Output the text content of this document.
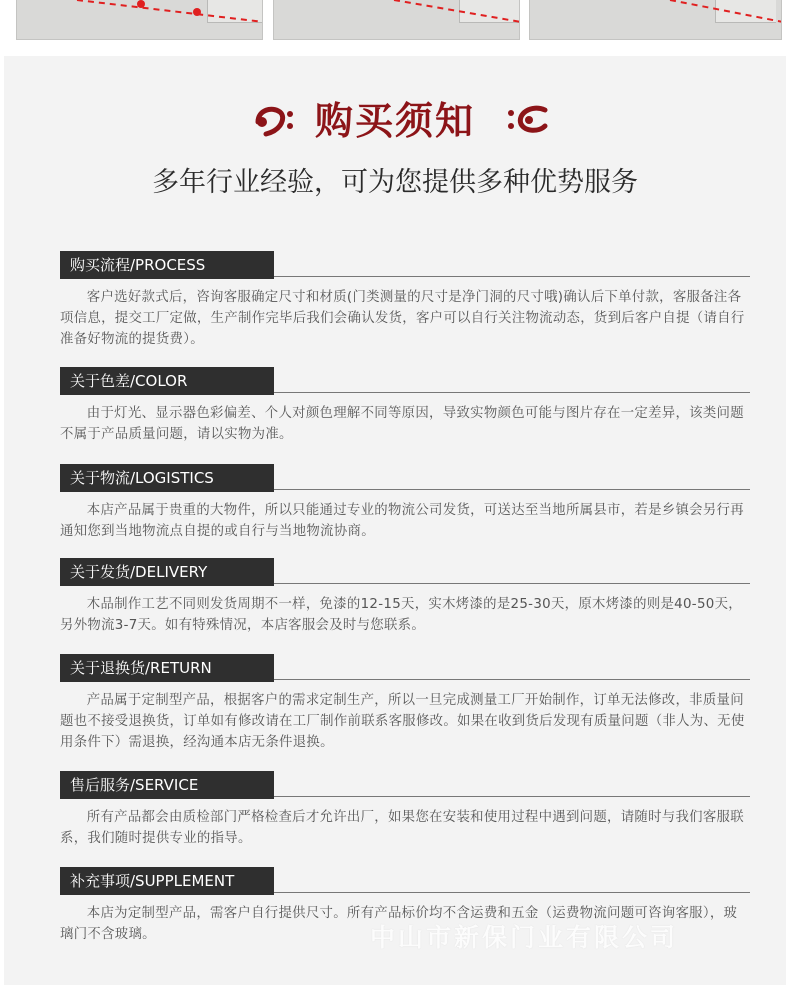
购买须知
多年行业经验，可为您提供多种优势服务
购买流程/PROCESS
客户选好款式后，咨询客服确定尺寸和材质(门类测量的尺寸是净门洞的尺寸哦)确认后下单付款，客服备注各项信息，提交工厂定做，生产制作完毕后我们会确认发货，客户可以自行关注物流动态，货到后客户自提（请自行准备好物流的提货费）。
关于色差/COLOR
由于灯光、显示器色彩偏差、个人对颜色理解不同等原因，导致实物颜色可能与图片存在一定差异，该类问题不属于产品质量问题，请以实物为准。
关于物流/LOGISTICS
本店产品属于贵重的大物件，所以只能通过专业的物流公司发货，可送达至当地所属县市，若是乡镇会另行再通知您到当地物流点自提的或自行与当地物流协商。
关于发货/DELIVERY
木品制作工艺不同则发货周期不一样，免漆的12-15天，实木烤漆的是25-30天，原木烤漆的则是40-50天，另外物流3-7天。如有特殊情况，本店客服会及时与您联系。
关于退换货/RETURN
产品属于定制型产品，根据客户的需求定制生产，所以一旦完成测量工厂开始制作，订单无法修改，非质量问题也不接受退换货，订单如有修改请在工厂制作前联系客服修改。如果在收到货后发现有质量问题（非人为、无使用条件下）需退换，经沟通本店无条件退换。
售后服务/SERVICE
所有产品都会由质检部门严格检查后才允许出厂，如果您在安装和使用过程中遇到问题，请随时与我们客服联系，我们随时提供专业的指导。
补充事项/SUPPLEMENT
本店为定制型产品，需客户自行提供尺寸。所有产品标价均不含运费和五金（运费物流问题可咨询客服），玻璃门不含玻璃。	中山市新保门业有限公司
